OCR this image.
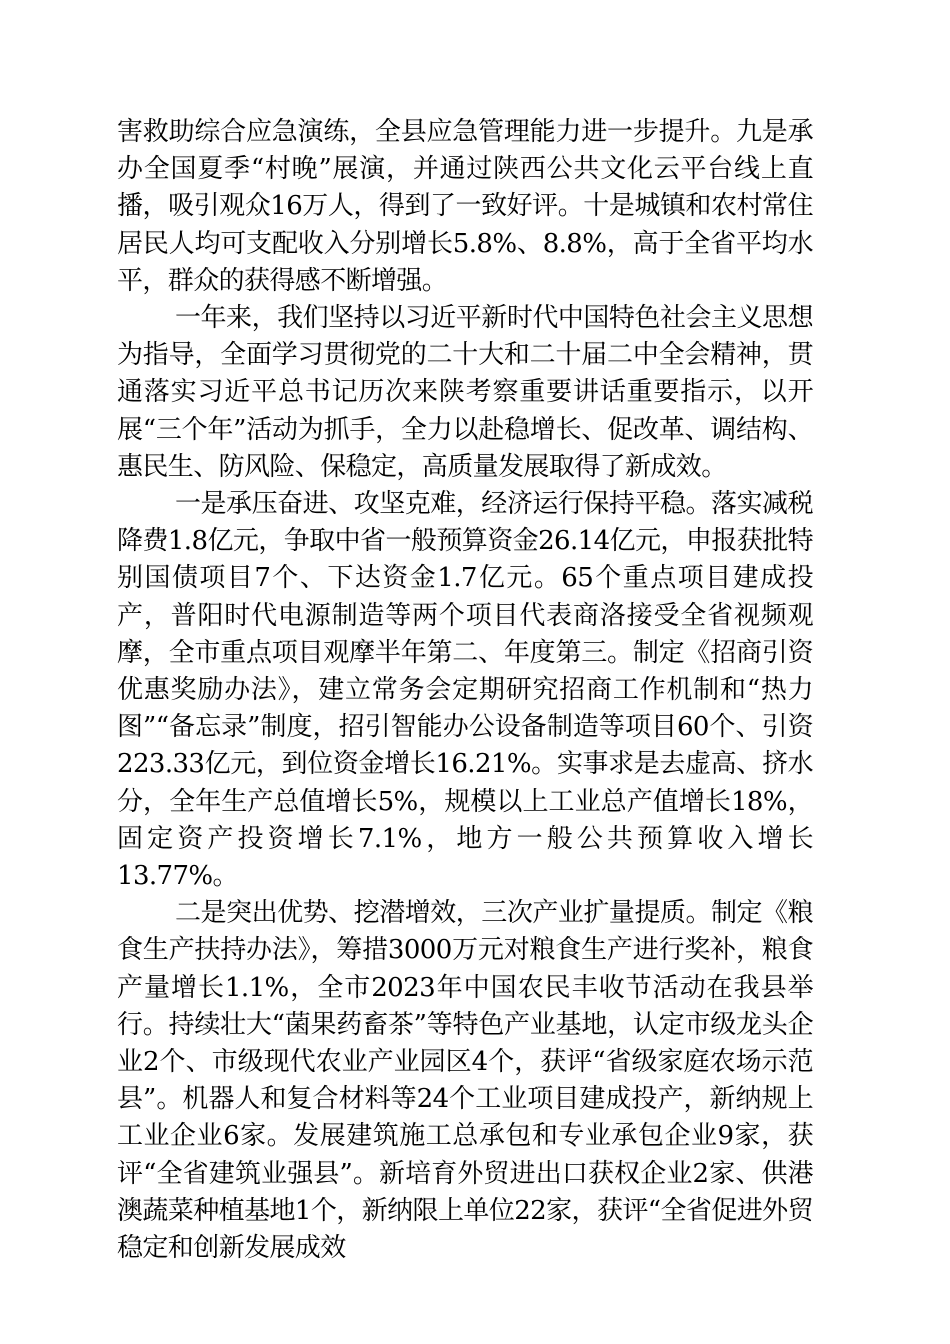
害救助综合应急演练，全县应急管理能力进一步提升。九是承办全国夏季“村晚”展演，并通过陕西公共文化云平台线上直播，吸引观众16万人，得到了一致好评。十是城镇和农村常住居民人均可支配收入分别增长5.8%、8.8%，高于全省平均水平，群众的获得感不断增强。

一年来，我们坚持以习近平新时代中国特色社会主义思想为指导，全面学习贯彻党的二十大和二十届二中全会精神，贯通落实习近平总书记历次来陕考察重要讲话重要指示，以开展“三个年”活动为抓手，全力以赴稳增长、促改革、调结构、惠民生、防风险、保稳定，高质量发展取得了新成效。

一是承压奋进、攻坚克难，经济运行保持平稳。落实减税降费1.8亿元，争取中省一般预算资金26.14亿元，申报获批特别国债项目7个、下达资金1.7亿元。65个重点项目建成投产，普阳时代电源制造等两个项目代表商洛接受全省视频观摩，全市重点项目观摩半年第二、年度第三。制定《招商引资优惠奖励办法》，建立常务会定期研究招商工作机制和“热力图”“备忘录”制度，招引智能办公设备制造等项目60个、引资223.33亿元，到位资金增长16.21%。实事求是去虚高、挤水分，全年生产总值增长5%，规模以上工业总产值增长18%，固定资产投资增长7.1%，地方一般公共预算收入增长13.77%。

二是突出优势、挖潜增效，三次产业扩量提质。制定《粮食生产扶持办法》，筹措3000万元对粮食生产进行奖补，粮食产量增长1.1%，全市2023年中国农民丰收节活动在我县举行。持续壮大“菌果药畜茶”等特色产业基地，认定市级龙头企业2个、市级现代农业产业园区4个，获评“省级家庭农场示范县”。机器人和复合材料等24个工业项目建成投产，新纳规上工业企业6家。发展建筑施工总承包和专业承包企业9家，获评“全省建筑业强县”。新培育外贸进出口获权企业2家、供港澳蔬菜种植基地1个，新纳限上单位22家，获评“全省促进外贸稳定和创新发展成效
